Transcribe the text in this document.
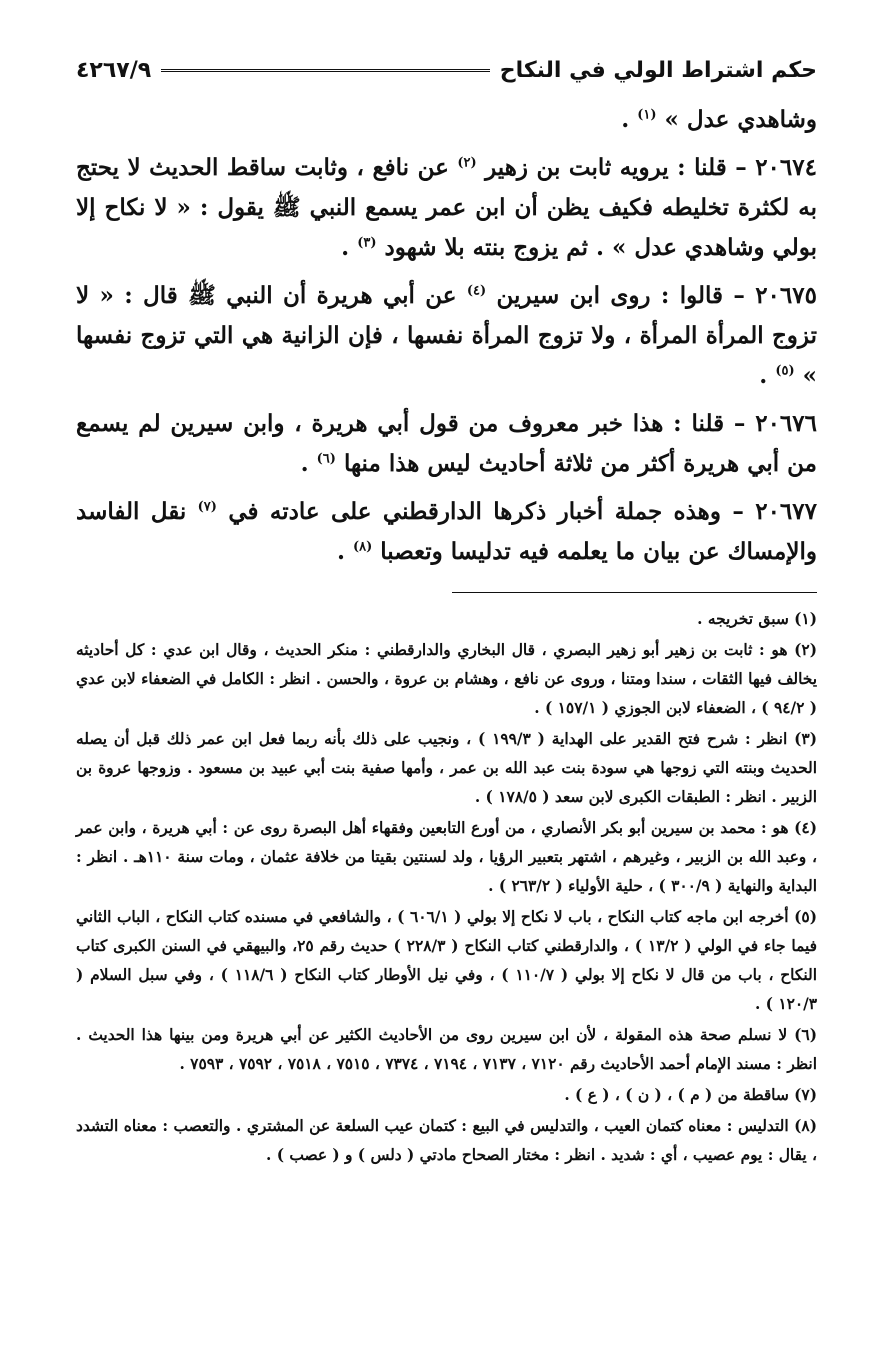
حكم اشتراط الولي في النكاح
٤٢٦٧/٩

وشاهدي عدل » $^{(١)}$ .

٢٠٦٧٤ – قلنا : يرويه ثابت بن زهير $^{(٢)}$ عن نافع ، وثابت ساقط الحديث لا يحتج به لكثرة تخليطه فكيف يظن أن ابن عمر يسمع النبي ﷺ يقول : « لا نكاح إلا بولي وشاهدي عدل » . ثم يزوج بنته بلا شهود $^{(٣)}$ .

٢٠٦٧٥ – قالوا : روى ابن سيرين $^{(٤)}$ عن أبي هريرة أن النبي ﷺ قال : « لا تزوج المرأة المرأة ، ولا تزوج المرأة نفسها ، فإن الزانية هي التي تزوج نفسها » $^{(٥)}$ .

٢٠٦٧٦ – قلنا : هذا خبر معروف من قول أبي هريرة ، وابن سيرين لم يسمع من أبي هريرة أكثر من ثلاثة أحاديث ليس هذا منها $^{(٦)}$ .

٢٠٦٧٧ – وهذه جملة أخبار ذكرها الدارقطني على عادته في $^{(٧)}$ نقل الفاسد والإمساك عن بيان ما يعلمه فيه تدليسا وتعصبا $^{(٨)}$ .

(١) سبق تخريجه .

(٢) هو : ثابت بن زهير أبو زهير البصري ، قال البخاري والدارقطني : منكر الحديث ، وقال ابن عدي : كل أحاديثه يخالف فيها الثقات ، سندا ومتنا ، وروى عن نافع ، وهشام بن عروة ، والحسن . انظر : الكامل في الضعفاء لابن عدي ( ٩٤/٢ ) ، الضعفاء لابن الجوزي ( ١٥٧/١ ) .

(٣) انظر : شرح فتح القدير على الهداية ( ١٩٩/٣ ) ، ونجيب على ذلك بأنه ربما فعل ابن عمر ذلك قبل أن يصله الحديث وبنته التي زوجها هي سودة بنت عبد الله بن عمر ، وأمها صفية بنت أبي عبيد بن مسعود . وزوجها عروة بن الزبير . انظر : الطبقات الكبرى لابن سعد ( ١٧٨/٥ ) .

(٤) هو : محمد بن سيرين أبو بكر الأنصاري ، من أورع التابعين وفقهاء أهل البصرة روى عن : أبي هريرة ، وابن عمر ، وعبد الله بن الزبير ، وغيرهم ، اشتهر بتعبير الرؤيا ، ولد لسنتين بقيتا من خلافة عثمان ، ومات سنة ١١٠هـ . انظر : البداية والنهاية ( ٣٠٠/٩ ) ، حلية الأولياء ( ٢٦٣/٢ ) .

(٥) أخرجه ابن ماجه كتاب النكاح ، باب لا نكاح إلا بولي ( ٦٠٦/١ ) ، والشافعي في مسنده كتاب النكاح ، الباب الثاني فيما جاء في الولي ( ١٣/٢ ) ، والدارقطني كتاب النكاح ( ٢٢٨/٣ ) حديث رقم ٢٥، والبيهقي في السنن الكبرى كتاب النكاح ، باب من قال لا نكاح إلا بولي ( ١١٠/٧ ) ، وفي نيل الأوطار كتاب النكاح ( ١١٨/٦ ) ، وفي سبل السلام ( ١٢٠/٣ ) .

(٦) لا نسلم صحة هذه المقولة ، لأن ابن سيرين روى من الأحاديث الكثير عن أبي هريرة ومن بينها هذا الحديث . انظر : مسند الإمام أحمد الأحاديث رقم ٧١٢٠ ، ٧١٣٧ ، ٧١٩٤ ، ٧٣٧٤ ، ٧٥١٥ ، ٧٥١٨ ، ٧٥٩٢ ، ٧٥٩٣ .

(٧) ساقطة من ( م ) ، ( ن ) ، ( ع ) .

(٨) التدليس : معناه كتمان العيب ، والتدليس في البيع : كتمان عيب السلعة عن المشتري . والتعصب : معناه التشدد ، يقال : يوم عصيب ، أي : شديد . انظر : مختار الصحاح مادتي ( دلس ) و ( عصب ) .
